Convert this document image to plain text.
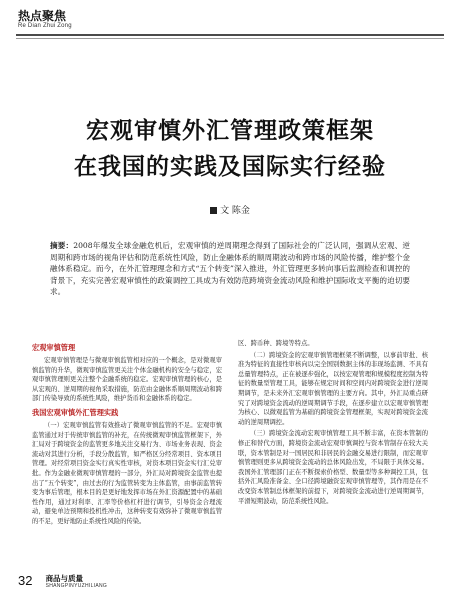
热点聚焦
Re Dian Zhui Zong
宏观审慎外汇管理政策框架
在我国的实践及国际实行经验
文 陈金

摘要：2008年爆发全球金融危机后，宏观审慎的逆周期理念得到了国际社会的广泛认同，强调从宏观、逆周期和跨市场的视角评估和防范系统性风险，防止金融体系的顺周期波动和跨市场的风险传播，维护整个金融体系稳定。而今，在外汇管理理念和方式“五个转变”深入推进，外汇管理更多转向事后监测检查和调控的背景下，充实完善宏观审慎性的政策调控工具成为有效防范跨境资金流动风险和维护国际收支平衡的迫切要求。

宏观审慎管理

宏观审慎管理是与微观审慎监管相对应的一个概念，是对微观审慎监管的升华，微观审慎监管更关注个体金融机构的安全与稳定，宏观审慎管理则更关注整个金融系统的稳定。宏观审慎管理的核心，是从宏观的、逆周期的视角采取措施，防范由金融体系顺周期波动和跨部门传染导致的系统性风险，维护货币和金融体系的稳定。

我国宏观审慎外汇管理实践

（一）宏观审慎监管有效推动了微观审慎监管的不足。宏观审慎监管通过对于传统审慎监管的补充，在传统微观审慎监管框架下，外汇局对于跨境资金的监管更多地关注交易行为、市场业务表现、资金流动对其进行分析，手段分散监管，如严格区分经常项目、资本项目管理。对经常项目资金实行真实性审核，对资本项目资金实行汇兑审批。作为金融业微观审慎管理的一部分，外汇局对跨境资金监管也提出了“五个转变”，由过去的行为监管转变为主体监管，由事前监管转变为事后管理，根本目的是更好地发挥市场在外汇资源配置中的基础性作用，通过对利率、汇率等价格杠杆进行调节，引导资金合理流动，避免单边预期和投机性冲击，这种转变有效弥补了微观审慎监管的不足，更好地防止系统性风险的传染。

区、跨币种、跨境等特点。

（二）跨境资金的宏观审慎管理框架不断调整，以事前审批、核准为特征的直接性审核向以完全国别数据主体的非现场监测、不具有总量管理特点，正在被逐步强化，以按宏观管理和规模程度控制为特征的数量型管理工具，能够在规定时间和空间内对跨境资金进行逆周期调节，是未来外汇宏观审慎管理的主要方向。其中，外汇局重点研究了对跨境资金流动的逆周期调节手段，在逐步建立以宏观审慎管理为核心、以微观监管为基础的跨境资金管理框架，实现对跨境资金流动的逆周期调控。

（三）跨境资金流动宏观审慎管理工具不断丰富，在资本管制的修正和替代方面，跨境资金流动宏观审慎调控与资本管制存在较大关联，资本管制是对一国居民和非居民的金融交易进行限制，而宏观审慎管理则更多从跨境资金流动的总体风险出发，不局限于具体交易。我国外汇管理部门正在不断探索价格型、数量型等多种调控工具，包括外汇风险准备金、全口径跨境融资宏观审慎管理等，其作用是在不改变资本管制总体框架的前提下，对跨境资金流动进行逆周期调节，平滑短期波动，防范系统性风险。

32 商品与质量
SHANGPINYUZHILIANG
